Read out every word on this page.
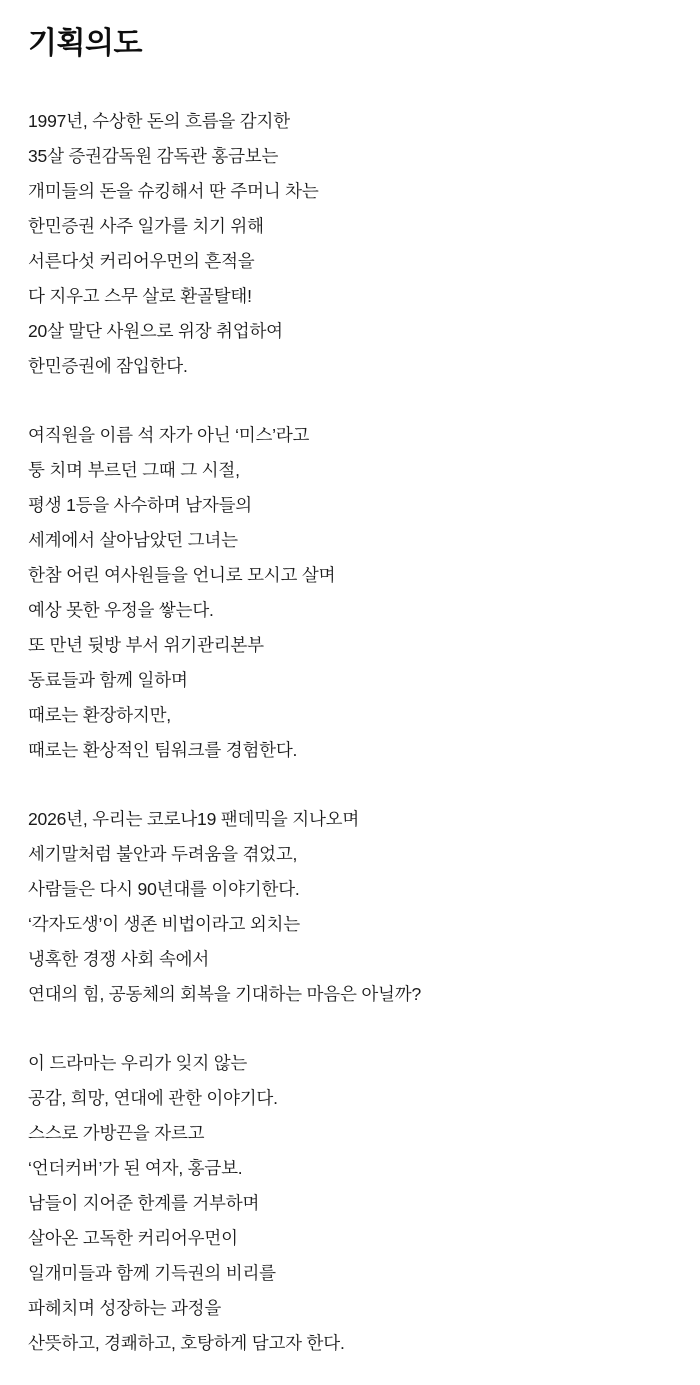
기획의도
1997년, 수상한 돈의 흐름을 감지한
35살 증권감독원 감독관 홍금보는
개미들의 돈을 슈킹해서 딴 주머니 차는
한민증권 사주 일가를 치기 위해
서른다섯 커리어우먼의 흔적을
다 지우고 스무 살로 환골탈태!
20살 말단 사원으로 위장 취업하여
한민증권에 잠입한다.
여직원을 이름 석 자가 아닌 ‘미스’라고
퉁 치며 부르던 그때 그 시절,
평생 1등을 사수하며 남자들의
세계에서 살아남았던 그녀는
한참 어린 여사원들을 언니로 모시고 살며
예상 못한 우정을 쌓는다.
또 만년 뒷방 부서 위기관리본부
동료들과 함께 일하며
때로는 환장하지만,
때로는 환상적인 팀워크를 경험한다.
2026년, 우리는 코로나19 팬데믹을 지나오며
세기말처럼 불안과 두려움을 겪었고,
사람들은 다시 90년대를 이야기한다.
‘각자도생’이 생존 비법이라고 외치는
냉혹한 경쟁 사회 속에서
연대의 힘, 공동체의 회복을 기대하는 마음은 아닐까?
이 드라마는 우리가 잊지 않는
공감, 희망, 연대에 관한 이야기다.
스스로 가방끈을 자르고
‘언더커버’가 된 여자, 홍금보.
남들이 지어준 한계를 거부하며
살아온 고독한 커리어우먼이
일개미들과 함께 기득권의 비리를
파헤치며 성장하는 과정을
산뜻하고, 경쾌하고, 호탕하게 담고자 한다.
